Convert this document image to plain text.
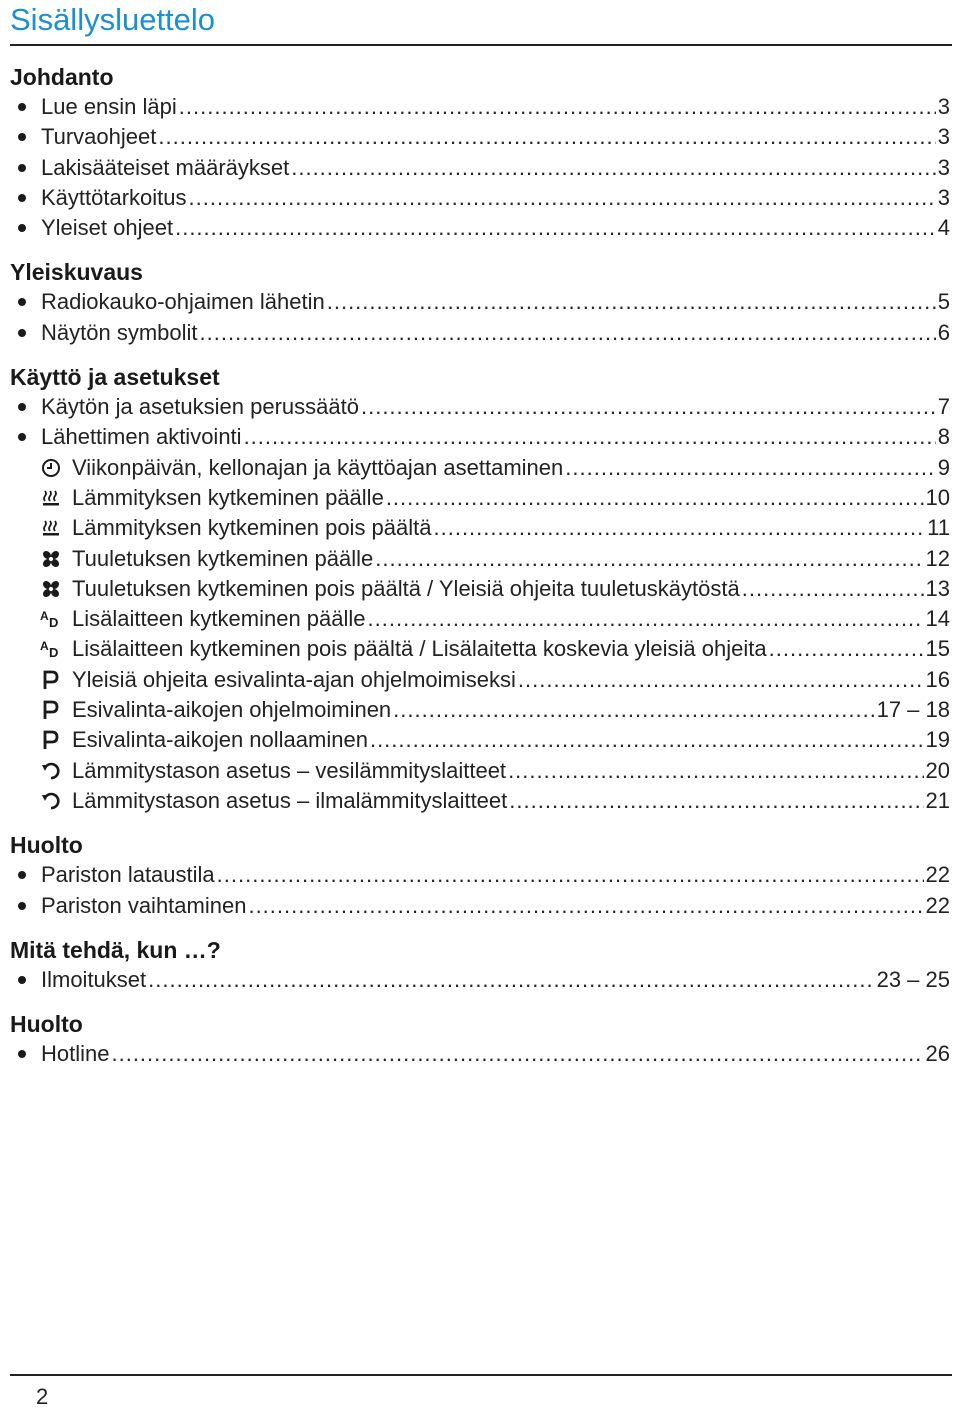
Sisällysluettelo
Johdanto
Lue ensin läpi .....	3
Turvaohjeet .....	3
Lakisääteiset määräykset .....	3
Käyttötarkoitus .....	3
Yleiset ohjeet .....	4
Yleiskuvaus
Radiokauko-ohjaimen lähetin .....	5
Näytön symbolit .....	6
Käyttö ja asetukset
Käytön ja asetuksien perussäätö .....	7
Lähettimen aktivointi .....	8
Viikonpäivän, kellonajan ja käyttöajan asettaminen .....	9
Lämmityksen kytkeminen päälle .....	10
Lämmityksen kytkeminen pois päältä .....	11
Tuuletuksen kytkeminen päälle .....	12
Tuuletuksen kytkeminen pois päältä / Yleisiä ohjeita tuuletuskäytöstä .....	13
A D Lisälaitteen kytkeminen päälle .....	14
A D Lisälaitteen kytkeminen pois päältä / Lisälaitetta koskevia yleisiä ohjeita .....	15
Yleisiä ohjeita esivalinta-ajan ohjelmoimiseksi .....	16
Esivalinta-aikojen ohjelmoiminen .....	17 – 18
Esivalinta-aikojen nollaaminen .....	19
Lämmitystason asetus – vesilämmityslaitteet .....	20
Lämmitystason asetus – ilmalämmityslaitteet .....	21
Huolto
Pariston lataustila .....	22
Pariston vaihtaminen .....	22
Mitä tehdä, kun …?
Ilmoitukset .....	23 – 25
Huolto
Hotline .....	26
2
